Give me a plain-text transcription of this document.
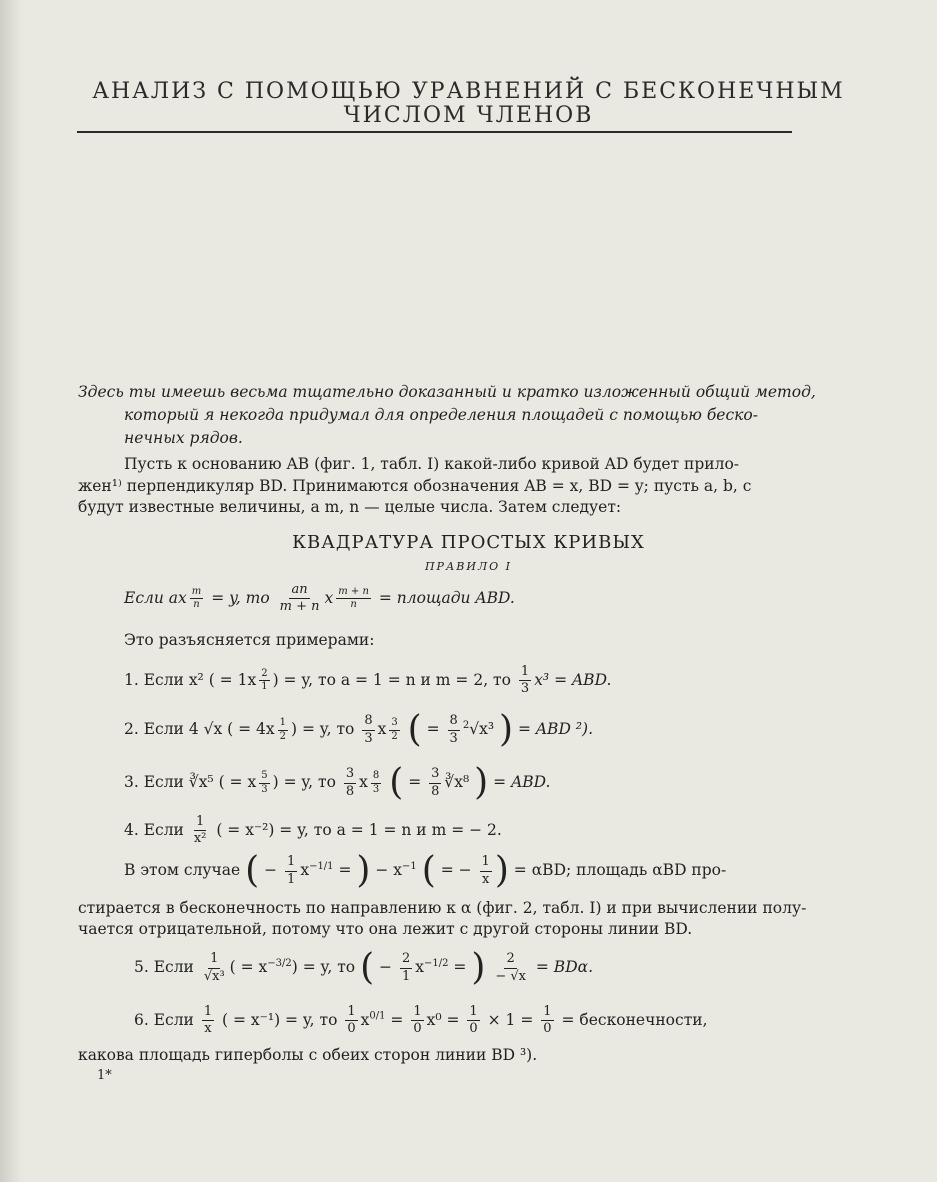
АНАЛИЗ С ПОМОЩЬЮ УРАВНЕНИЙ С БЕСКОНЕЧНЫМ
ЧИСЛОМ ЧЛЕНОВ
Здесь ты имеешь весьма тщательно доказанный и кратко изложенный общий метод,
который я некогда придумал для определения площадей с помощью беско-
нечных рядов.
Пусть к основанию AB (фиг. 1, табл. I) какой-либо кривой AD будет прило-
жен¹⁾ перпендикуляр BD. Принимаются обозначения AB = x, BD = y; пусть a, b, c
будут известные величины, а m, n — целые числа. Затем следует:
КВАДРАТУРА ПРОСТЫХ КРИВЫХ
ПРАВИЛО I
Если ax $\frac{m}{n} = y$, то $\frac{an}{m + n}$ x $\frac{m + n}{n}$ = площади ABD.
Это разъясняется примерами:
1. Если x² ( = $1x \frac{2}{1}$ ) = y, то a = 1 = n и m = 2, то $\frac{1}{3} x^3$ = ABD.
2. Если 4 √x ( = $4x \frac{1}{2}$ ) = y, то $\frac{8}{3}$ x $\frac{3}{2}$ ( = $\frac{8}{3} ^2√x^3$ ) = ABD ²).
3. Если ∛x⁵ ( = x $\frac{5}{3}$ ) = y, то $\frac{3}{8}$ x $\frac{8}{3}$ ( = $\frac{3}{8}$ ∛x⁸ ) = ABD.
4. Если $\frac{1}{\text{x²}}$ ( = x⁻²) = y, то a = 1 = n и m = − 2.
В этом случае ( − $\frac{1}{1} x^{-1/1}$ = ) − $x^{-1}$ ( = − $\frac{1}{x}$ ) = αBD; площадь αBD про-
стирается в бесконечность по направлению к α (фиг. 2, табл. I) и при вычислении полу-
чается отрицательной, потому что она лежит с другой стороны линии BD.
5. Если $\frac{1}{\text{√x³}}$ ( = $x^{-3/2}) = y$, то ( − $\frac{2}{1} x^{-1/2}$ = ) $\frac{2}{- √x} = BD\alpha$.
6. Если $\frac{1}{x}$ ( = x⁻¹) = y, то $\frac{1}{0} x^{0/1} = \frac{1}{0} x^0 = \frac{1}{0} \times 1 = \frac{1}{0}$ = бесконечности,
какова площадь гиперболы с обеих сторон линии BD ³).
1*
